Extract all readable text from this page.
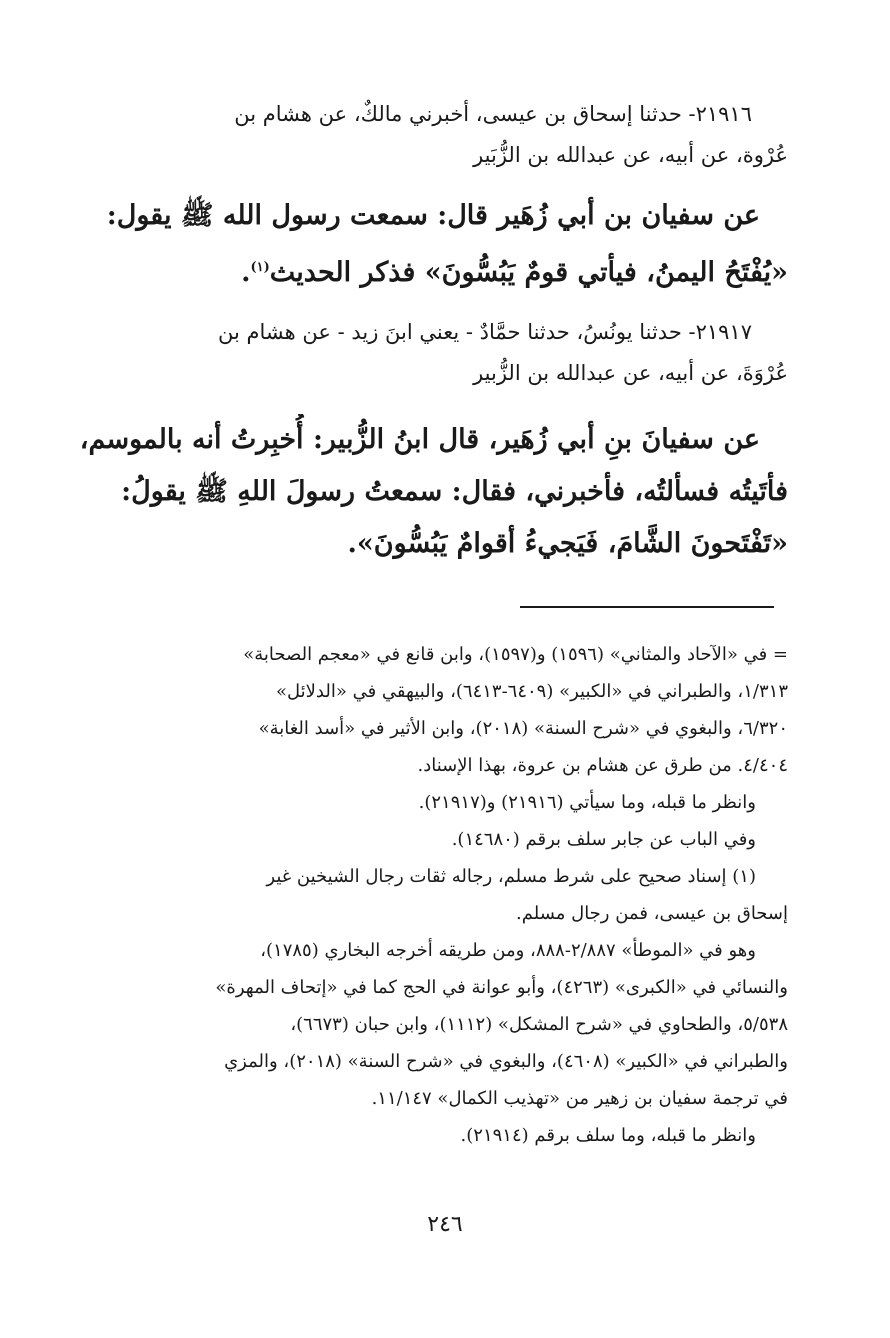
٢١٩١٦- حدثنا إسحاق بن عيسى، أخبرني مالكٌ، عن هشام بن
عُرْوة، عن أبيه، عن عبدالله بن الزُّبَير
عن سفيان بن أبي زُهَير قال: سمعت رسول الله ﷺ يقول:
«يُفْتَحُ اليمنُ، فيأتي قومٌ يَبُسُّونَ» فذكر الحديث$^{(١)}$.
٢١٩١٧- حدثنا يونُسُ، حدثنا حمَّادٌ - يعني ابنَ زيد - عن هشام بن
عُرْوَةَ، عن أبيه، عن عبدالله بن الزُّبير
عن سفيانَ بنِ أبي زُهَير، قال ابنُ الزُّبير: أُخبِرتُ أنه بالموسم،
فأتَيتُه فسألتُه، فأخبرني، فقال: سمعتُ رسولَ اللهِ ﷺ يقولُ:
«تَفْتَحونَ الشَّامَ، فَيَجيءُ أقوامٌ يَبُسُّونَ».
= في «الآحاد والمثاني» (١٥٩٦) و(١٥٩٧)، وابن قانع في «معجم الصحابة»
١/٣١٣، والطبراني في «الكبير» (٦٤٠٩-٦٤١٣)، والبيهقي في «الدلائل»
٦/٣٢٠، والبغوي في «شرح السنة» (٢٠١٨)، وابن الأثير في «أسد الغابة»
٤/٤٠٤. من طرق عن هشام بن عروة، بهذا الإسناد.
وانظر ما قبله، وما سيأتي (٢١٩١٦) و(٢١٩١٧).
وفي الباب عن جابر سلف برقم (١٤٦٨٠).
(١) إسناد صحيح على شرط مسلم، رجاله ثقات رجال الشيخين غير
إسحاق بن عيسى، فمن رجال مسلم.
وهو في «الموطأ» ٢/٨٨٧-٨٨٨، ومن طريقه أخرجه البخاري (١٧٨٥)،
والنسائي في «الكبرى» (٤٢٦٣)، وأبو عوانة في الحج كما في «إتحاف المهرة»
٥/٥٣٨، والطحاوي في «شرح المشكل» (١١١٢)، وابن حبان (٦٦٧٣)،
والطبراني في «الكبير» (٤٦٠٨)، والبغوي في «شرح السنة» (٢٠١٨)، والمزي
في ترجمة سفيان بن زهير من «تهذيب الكمال» ١١/١٤٧.
وانظر ما قبله، وما سلف برقم (٢١٩١٤).
٢٤٦
